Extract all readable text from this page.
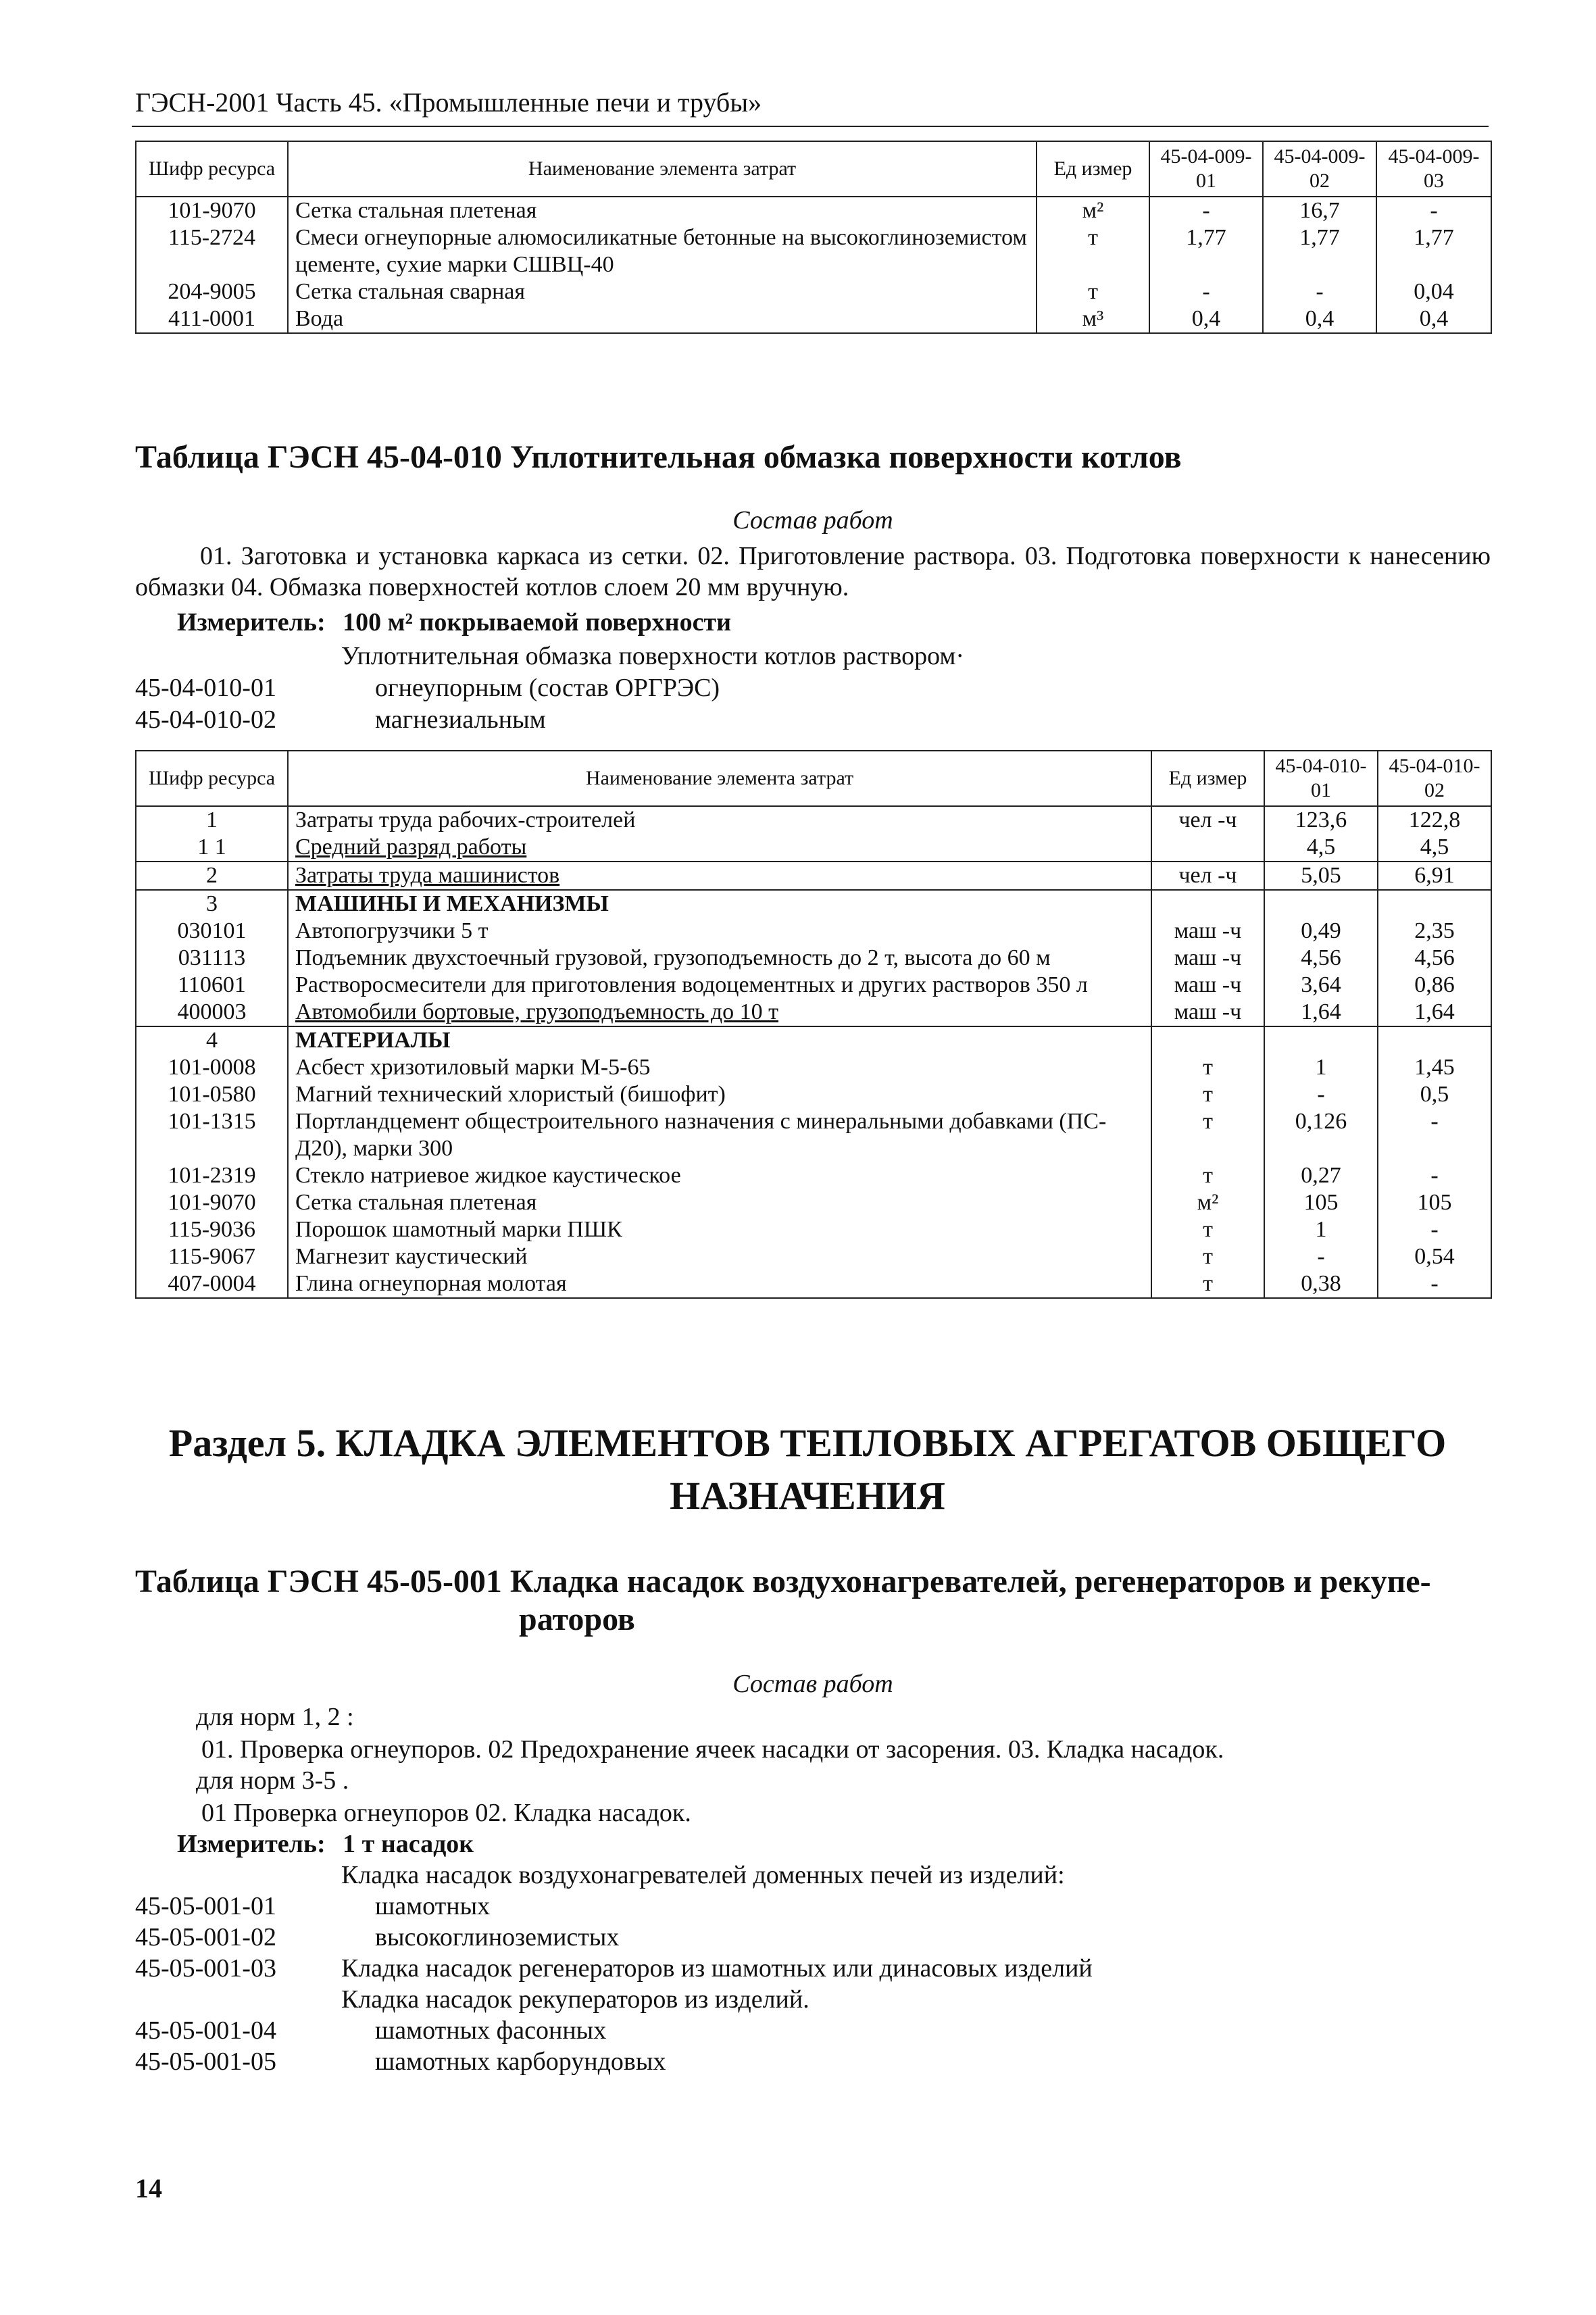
ГЭСН-2001 Часть 45. «Промышленные печи и трубы»
Шифр ресурса	Наименование элемента затрат	Ед измер	45-04-009-01	45-04-009-02	45-04-009-03
101-9070	Сетка стальная плетеная	м²	-	16,7	-
115-2724	Смеси огнеупорные алюмосиликатные бетонные на высокоглиноземистом цементе, сухие марки СШВЦ-40	т	1,77	1,77	1,77
204-9005	Сетка стальная сварная	т	-	-	0,04
411-0001	Вода	м³	0,4	0,4	0,4
Таблица ГЭСН 45-04-010 Уплотнительная обмазка поверхности котлов
Состав работ
01. Заготовка и установка каркаса из сетки. 02. Приготовление раствора. 03. Подготовка поверхности к нанесению обмазки 04. Обмазка поверхностей котлов слоем 20 мм вручную.
Измеритель: 100 м² покрываемой поверхности
Уплотнительная обмазка поверхности котлов раствором·
45-04-010-01	огнеупорным (состав ОРГРЭС)
45-04-010-02	магнезиальным
Шифр ресурса	Наименование элемента затрат	Ед измер	45-04-010-01	45-04-010-02
1	Затраты труда рабочих-строителей	чел -ч	123,6	122,8
1 1	Средний разряд работы		4,5	4,5
2	Затраты труда машинистов	чел -ч	5,05	6,91
3	МАШИНЫ И МЕХАНИЗМЫ			
030101	Автопогрузчики 5 т	маш -ч	0,49	2,35
031113	Подъемник двухстоечный грузовой, грузоподъемность до 2 т, высота до 60 м	маш -ч	4,56	4,56
110601	Растворосмесители для приготовления водоцементных и других растворов 350 л	маш -ч	3,64	0,86
400003	Автомобили бортовые, грузоподъемность до 10 т	маш -ч	1,64	1,64
4	МАТЕРИАЛЫ			
101-0008	Асбест хризотиловый марки М-5-65	т	1	1,45
101-0580	Магний технический хлористый (бишофит)	т	-	0,5
101-1315	Портландцемент общестроительного назначения с минеральными добавками (ПС-Д20), марки 300	т	0,126	-
101-2319	Стекло натриевое жидкое каустическое	т	0,27	-
101-9070	Сетка стальная плетеная	м²	105	105
115-9036	Порошок шамотный марки ПШК	т	1	-
115-9067	Магнезит каустический	т	-	0,54
407-0004	Глина огнеупорная молотая	т	0,38	-
Раздел 5. КЛАДКА ЭЛЕМЕНТОВ ТЕПЛОВЫХ АГРЕГАТОВ ОБЩЕГО
НАЗНАЧЕНИЯ
Таблица ГЭСН 45-05-001 Кладка насадок воздухонагревателей, регенераторов и рекупе-
раторов
Состав работ
для норм 1, 2 :
01. Проверка огнеупоров. 02 Предохранение ячеек насадки от засорения. 03. Кладка насадок.
для норм 3-5 .
01 Проверка огнеупоров 02. Кладка насадок.
Измеритель: 1 т насадок
Кладка насадок воздухонагревателей доменных печей из изделий:
45-05-001-01	шамотных
45-05-001-02	высокоглиноземистых
45-05-001-03	Кладка насадок регенераторов из шамотных или динасовых изделий
Кладка насадок рекуператоров из изделий.
45-05-001-04	шамотных фасонных
45-05-001-05	шамотных карборундовых
14
